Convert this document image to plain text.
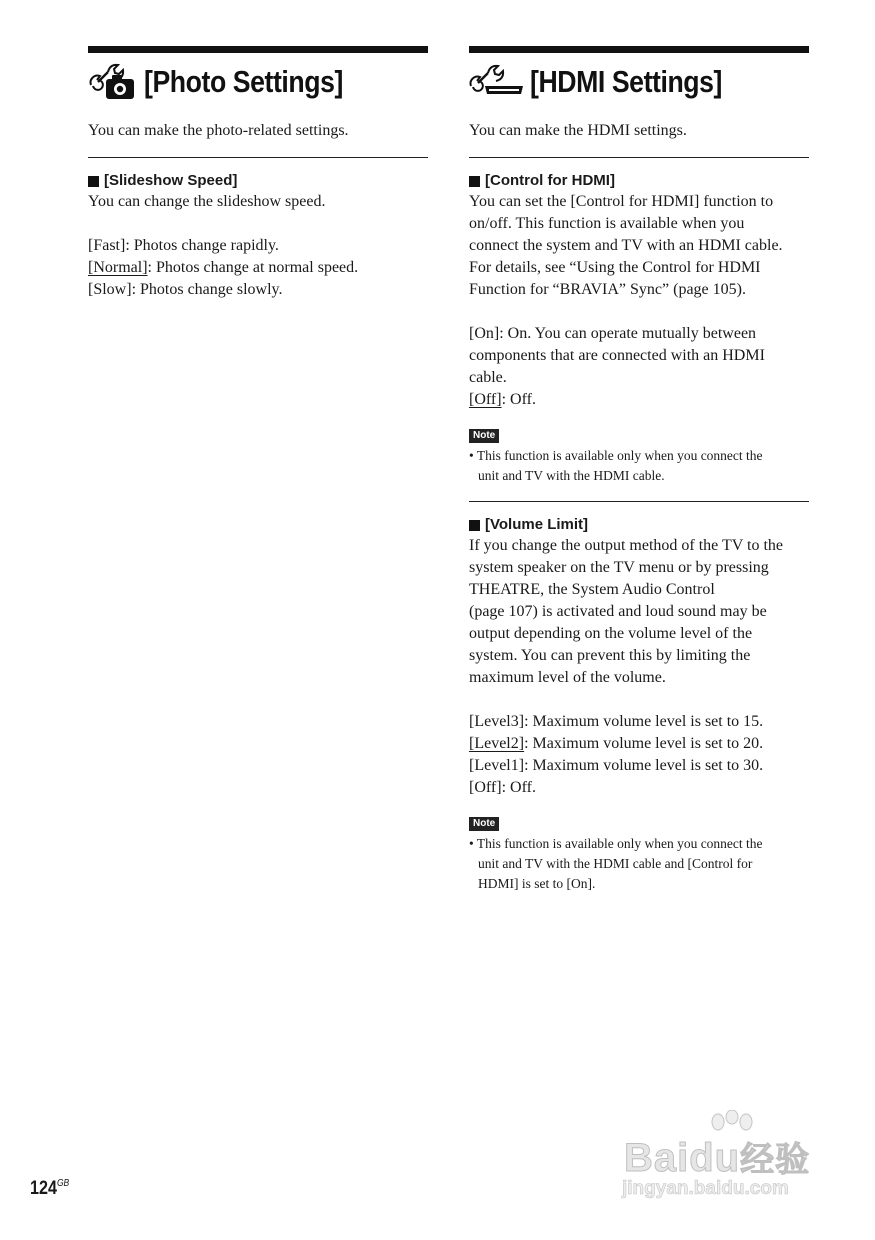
[Photo Settings]
You can make the photo-related settings.
[Slideshow Speed]
You can change the slideshow speed.
[Fast]: Photos change rapidly.
[Normal]: Photos change at normal speed.
[Slow]: Photos change slowly.
[HDMI Settings]
You can make the HDMI settings.
[Control for HDMI]
You can set the [Control for HDMI] function to
on/off. This function is available when you
connect the system and TV with an HDMI cable.
For details, see “Using the Control for HDMI
Function for “BRAVIA” Sync” (page 105).
[On]: On. You can operate mutually between
components that are connected with an HDMI
cable.
[Off]: Off.
Note
• This function is available only when you connect the
unit and TV with the HDMI cable.
[Volume Limit]
If you change the output method of the TV to the
system speaker on the TV menu or by pressing
THEATRE, the System Audio Control
(page 107) is activated and loud sound may be
output depending on the volume level of the
system. You can prevent this by limiting the
maximum level of the volume.
[Level3]: Maximum volume level is set to 15.
[Level2]: Maximum volume level is set to 20.
[Level1]: Maximum volume level is set to 30.
[Off]: Off.
Note
• This function is available only when you connect the
unit and TV with the HDMI cable and [Control for
HDMI] is set to [On].
$124^{GB}$
Baidu经验
jingyan.baidu.com
